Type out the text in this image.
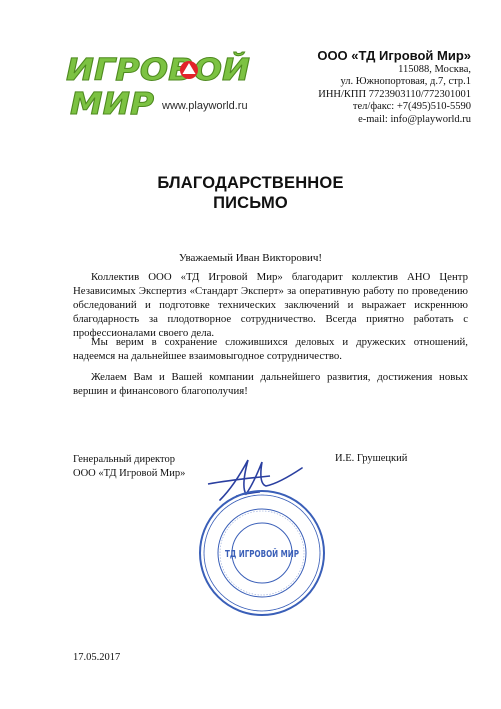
ИГРОВОЙ
МИР www.playworld.ru
ООО «ТД Игровой Мир»
115088, Москва,
ул. Южнопортовая, д.7, стр.1
ИНН/КПП 7723903110/772301001
тел/факс: +7(495)510-5590
e-mail: info@playworld.ru
БЛАГОДАРСТВЕННОЕ
ПИСЬМО
Уважаемый Иван Викторович!

Коллектив ООО «ТД Игровой Мир» благодарит коллектив АНО Центр Независимых Экспертиз «Стандарт Эксперт» за оперативную работу по проведению обследований и подготовке технических заключений и выражает искреннюю благодарность за плодотворное сотрудничество. Всегда приятно работать с профессионалами своего дела.

Мы верим в сохранение сложившихся деловых и дружеских отношений, надеемся на дальнейшее взаимовыгодное сотрудничество.

Желаем Вам и Вашей компании дальнейшего развития, достижения новых вершин и финансового благополучия!

Генеральный директор
ООО «ТД Игровой Мир»
И.Е. Грушецкий
ТД ИГРОВОЙ МИР
17.05.2017
